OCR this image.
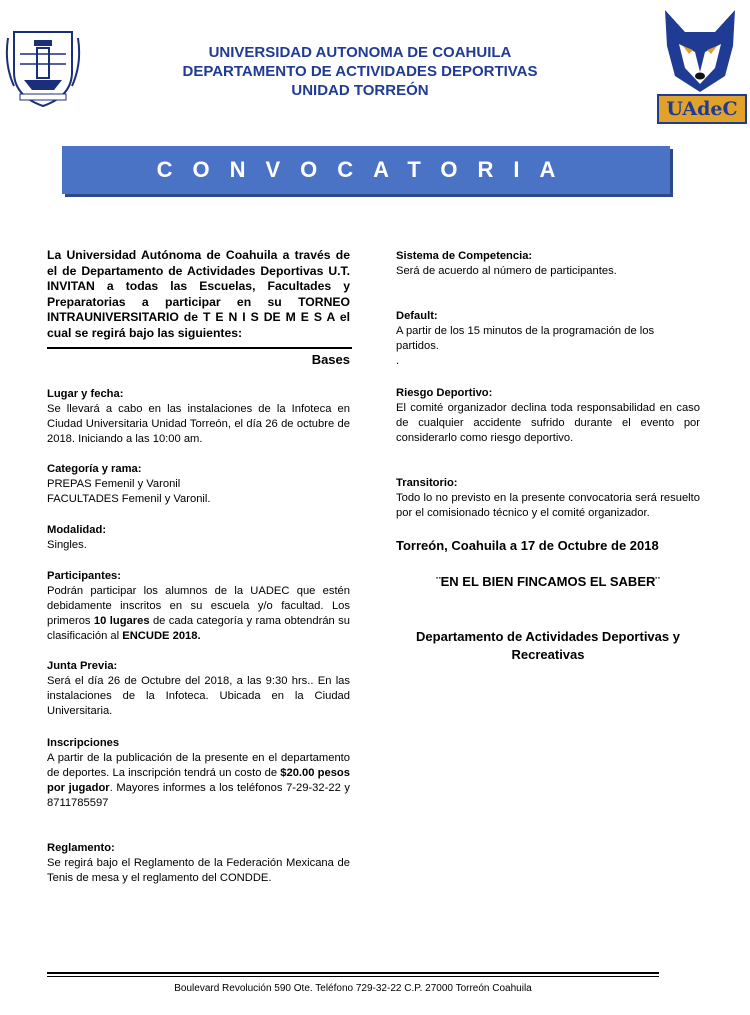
UNIVERSIDAD AUTONOMA DE COAHUILA
DEPARTAMENTO DE ACTIVIDADES DEPORTIVAS
UNIDAD TORREÓN
UAdeC
CONVOCATORIA
La Universidad Autónoma de Coahuila a través de el de Departamento de Actividades Deportivas U.T. INVITAN a todas las Escuelas, Facultades y Preparatorias a participar en su TORNEO INTRAUNIVERSITARIO de T E N I S DE M E S A el cual se regirá bajo las siguientes:
Bases
Lugar y fecha:
Se llevará a cabo en las instalaciones de la Infoteca en Ciudad Universitaria Unidad Torreón, el día 26 de octubre de 2018. Iniciando a las 10:00 am.
Categoría y rama:
PREPAS Femenil y Varonil
FACULTADES Femenil y Varonil.
Modalidad:
Singles.
Participantes:
Podrán participar los alumnos de la UADEC que estén debidamente inscritos en su escuela y/o facultad. Los primeros 10 lugares de cada categoría y rama obtendrán su clasificación al ENCUDE 2018.
Junta Previa:
Será el día 26 de Octubre del 2018, a las 9:30 hrs.. En las instalaciones de la Infoteca. Ubicada en la Ciudad Universitaria.
Inscripciones
A partir de la publicación de la presente en el departamento de deportes. La inscripción tendrá un costo de $20.00 pesos por jugador. Mayores informes a los teléfonos 7-29-32-22 y 8711785597
Reglamento:
Se regirá bajo el Reglamento de la Federación Mexicana de Tenis de mesa y el reglamento del CONDDE.
Sistema de Competencia:
Será de acuerdo al número de participantes.
Default:
A partir de los 15 minutos de la programación de los partidos.
.
Riesgo Deportivo:
El comité organizador declina toda responsabilidad en caso de cualquier accidente sufrido durante el evento por considerarlo como riesgo deportivo.
Transitorio:
Todo lo no previsto en la presente convocatoria será resuelto por el comisionado técnico y el comité organizador.
Torreón, Coahuila a 17 de Octubre de 2018
¨EN EL BIEN FINCAMOS EL SABER¨
Departamento de Actividades Deportivas y
Recreativas
Boulevard Revolución 590 Ote. Teléfono 729-32-22 C.P. 27000 Torreón Coahuila
